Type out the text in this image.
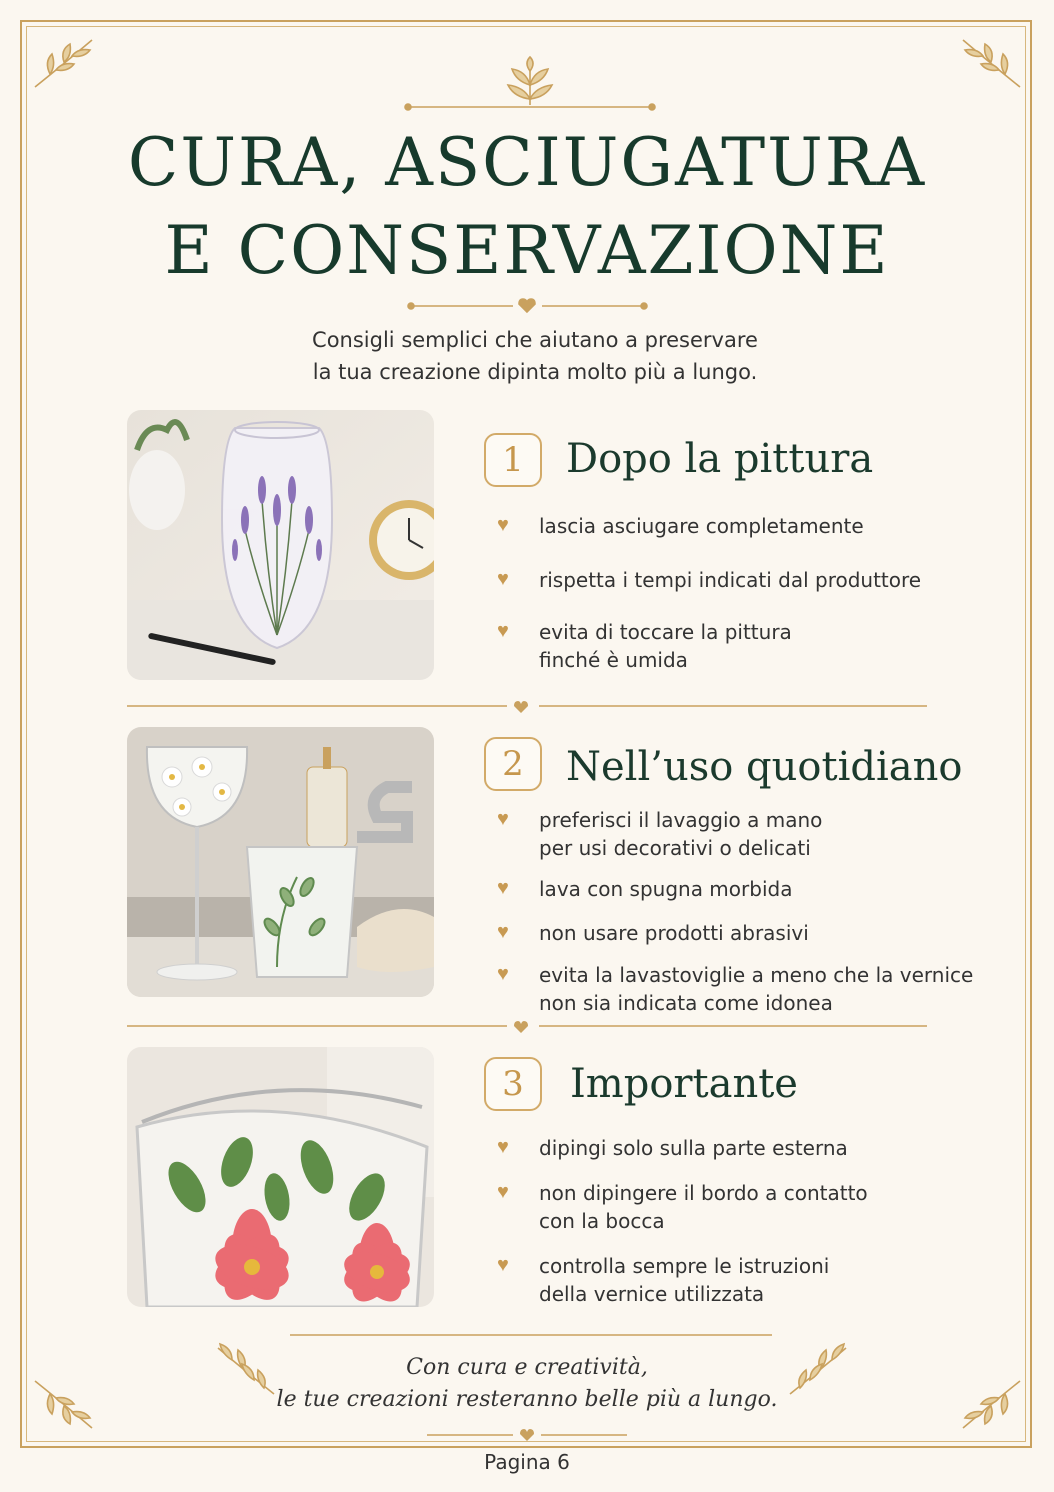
CURA, ASCIUGATURA
E CONSERVAZIONE
Consigli semplici che aiutano a preservare
la tua creazione dipinta molto più a lungo.
1	Dopo la pittura
♥ lascia asciugare completamente
♥ rispetta i tempi indicati dal produttore
♥ evita di toccare la pittura
finché è umida
2	Nell’uso quotidiano
♥ preferisci il lavaggio a mano
per usi decorativi o delicati
♥ lava con spugna morbida
♥ non usare prodotti abrasivi
♥ evita la lavastoviglie a meno che la vernice
non sia indicata come idonea
3	Importante
♥ dipingi solo sulla parte esterna
♥ non dipingere il bordo a contatto
con la bocca
♥ controlla sempre le istruzioni
della vernice utilizzata
Con cura e creatività,
le tue creazioni resteranno belle più a lungo.
Pagina 6
